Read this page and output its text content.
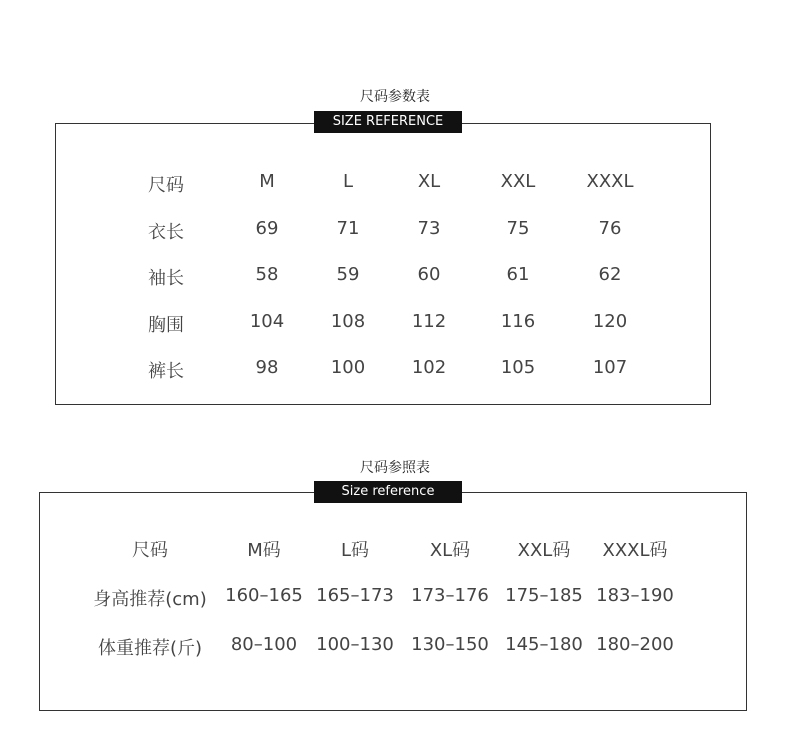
尺码参数表
SIZE REFERENCE
尺码	M	L	XL	XXL	XXXL
衣长	69	71	73	75	76
袖长	58	59	60	61	62
胸围	104	108	112	116	120
裤长	98	100	102	105	107
尺码参照表
Size reference
尺码	M码	L码	XL码	XXL码	XXXL码
身高推荐(cm)	160–165 165–173 173–176 175–185 183–190
体重推荐(斤)	80–100	100–130 130–150 145–180 180–200
